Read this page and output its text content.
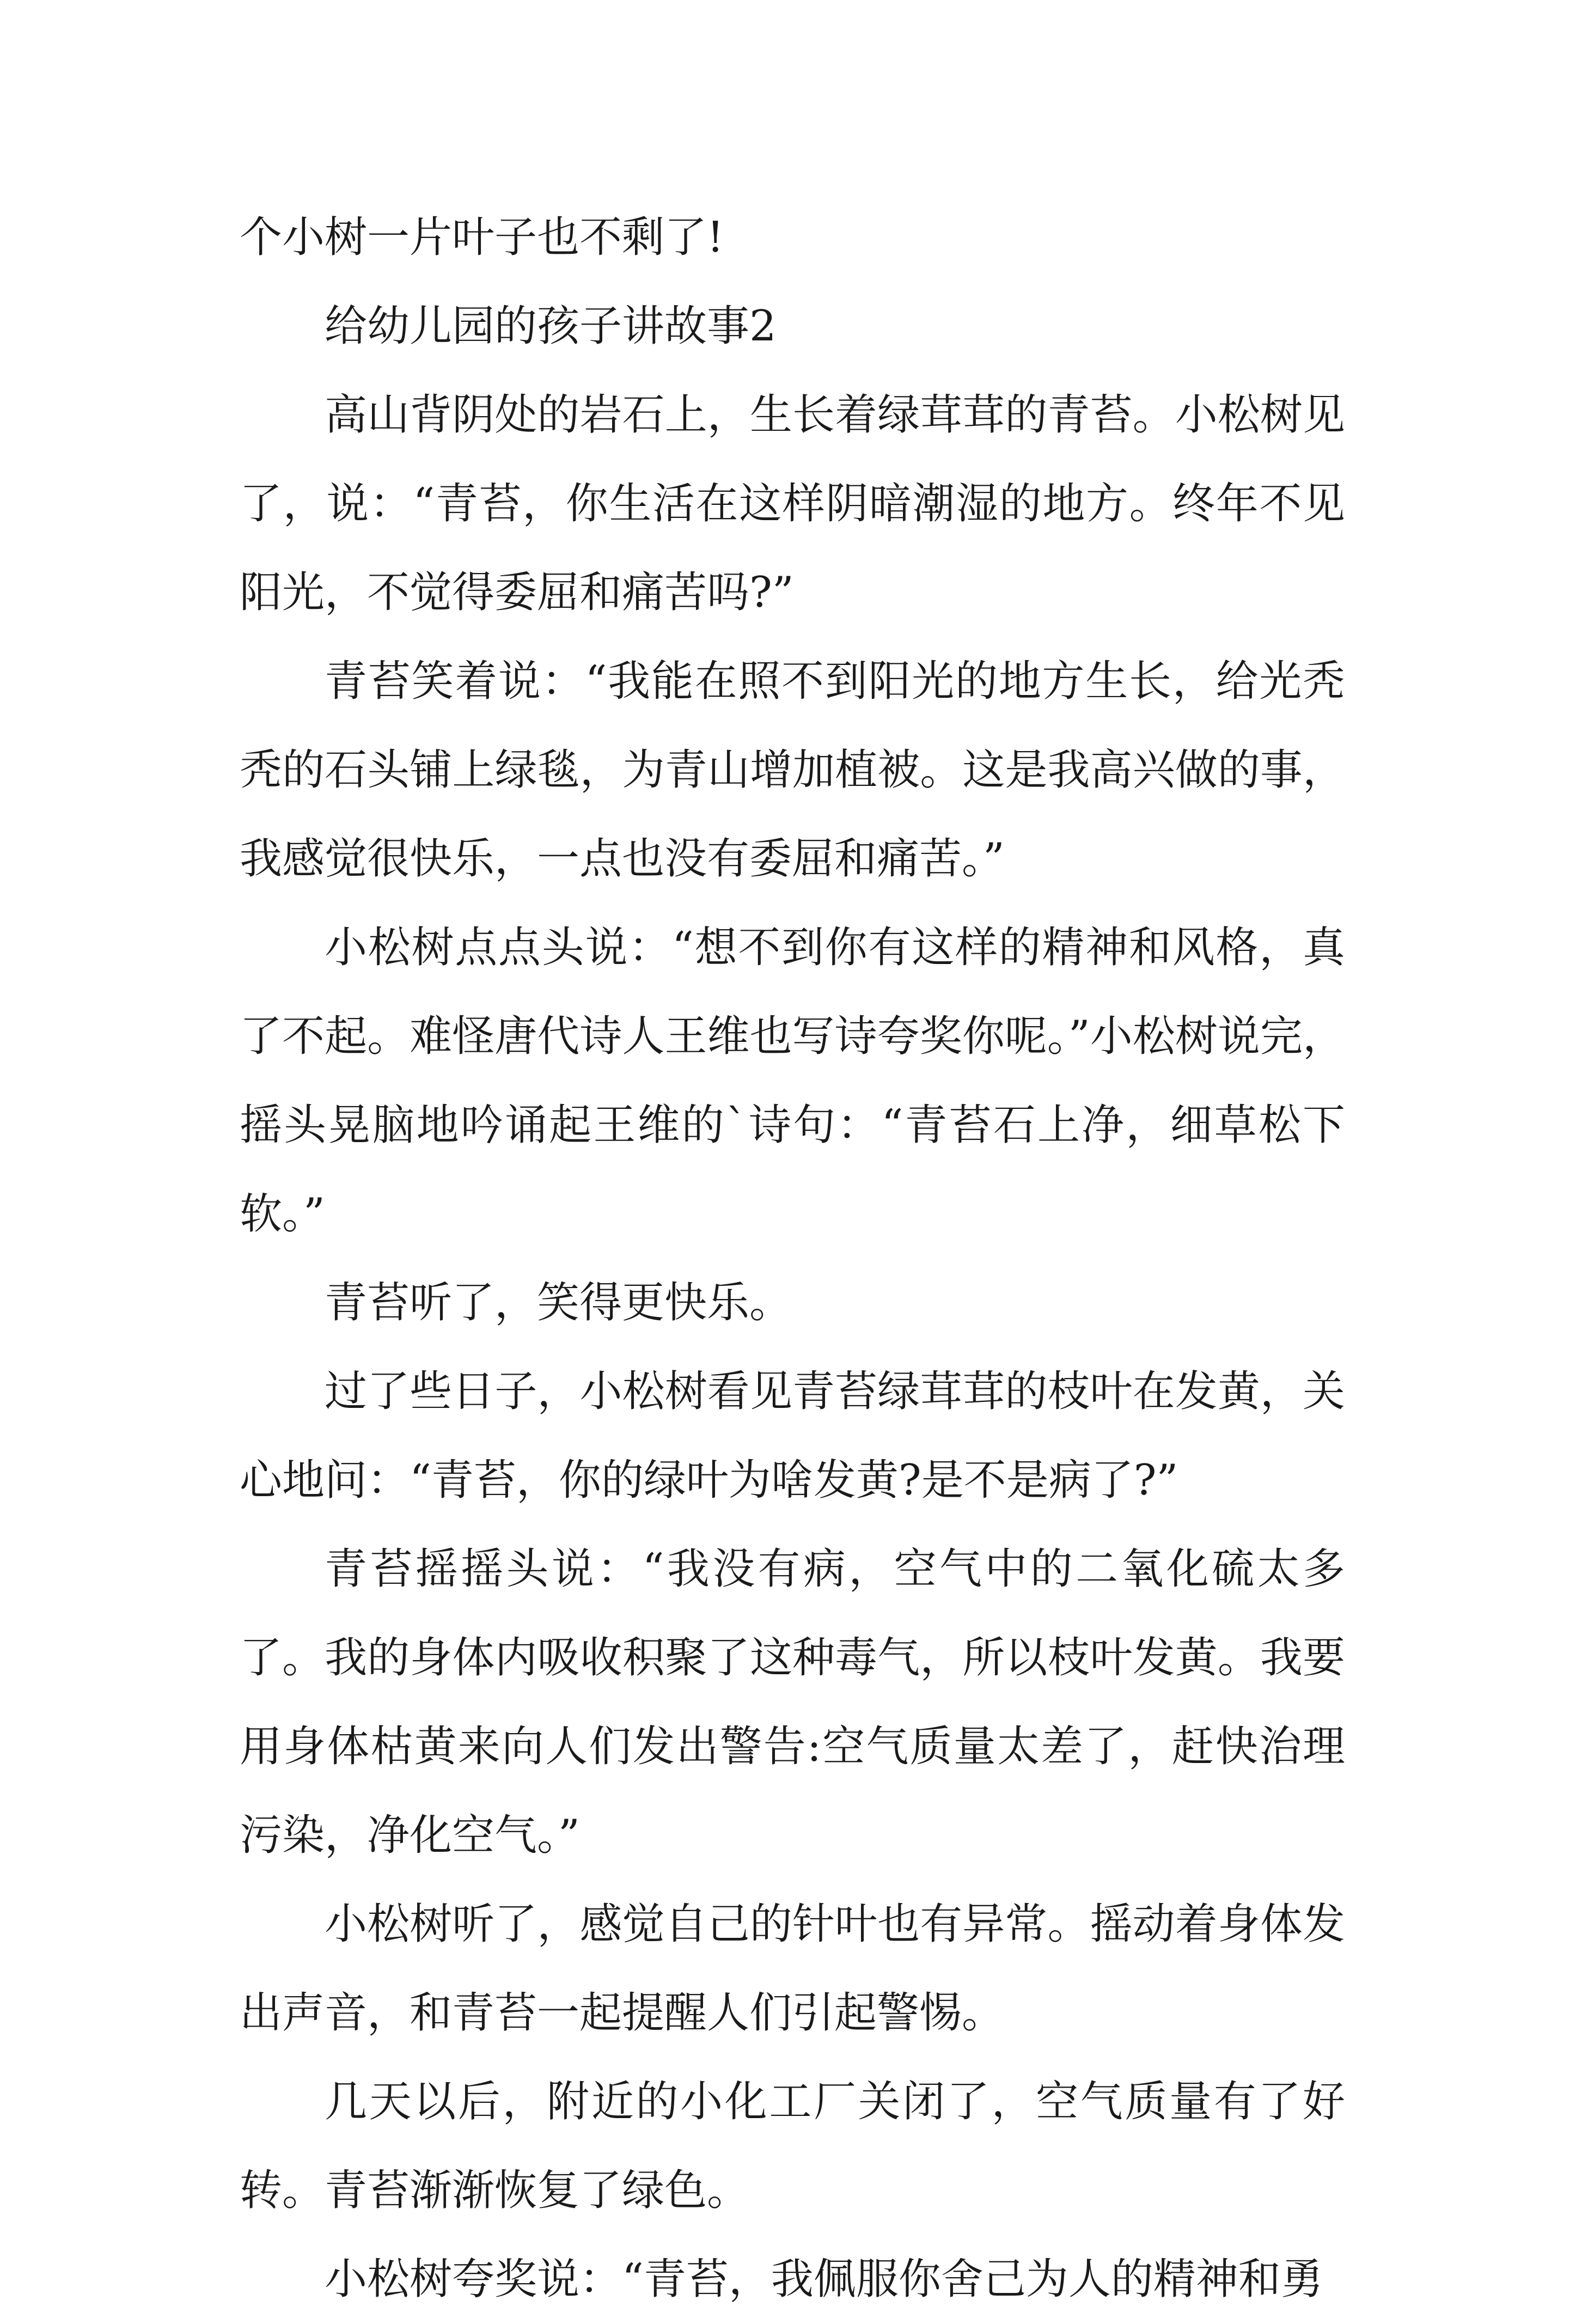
个小树一片叶子也不剩了!

给幼儿园的孩子讲故事2

高山背阴处的岩石上，生长着绿茸茸的青苔。小松树见了，说：“青苔，你生活在这样阴暗潮湿的地方。终年不见阳光，不觉得委屈和痛苦吗?”

青苔笑着说：“我能在照不到阳光的地方生长，给光秃秃的石头铺上绿毯，为青山增加植被。这是我高兴做的事，我感觉很快乐，一点也没有委屈和痛苦。”

小松树点点头说：“想不到你有这样的精神和风格，真了不起。难怪唐代诗人王维也写诗夸奖你呢。”小松树说完，摇头晃脑地吟诵起王维的`诗句：“青苔石上净，细草松下软。”

青苔听了，笑得更快乐。

过了些日子，小松树看见青苔绿茸茸的枝叶在发黄，关心地问：“青苔，你的绿叶为啥发黄?是不是病了?”

青苔摇摇头说：“我没有病，空气中的二氧化硫太多了。我的身体内吸收积聚了这种毒气，所以枝叶发黄。我要用身体枯黄来向人们发出警告:空气质量太差了，赶快治理污染，净化空气。”

小松树听了，感觉自己的针叶也有异常。摇动着身体发出声音，和青苔一起提醒人们引起警惕。

几天以后，附近的小化工厂关闭了，空气质量有了好转。青苔渐渐恢复了绿色。

小松树夸奖说：“青苔，我佩服你舍己为人的精神和勇
